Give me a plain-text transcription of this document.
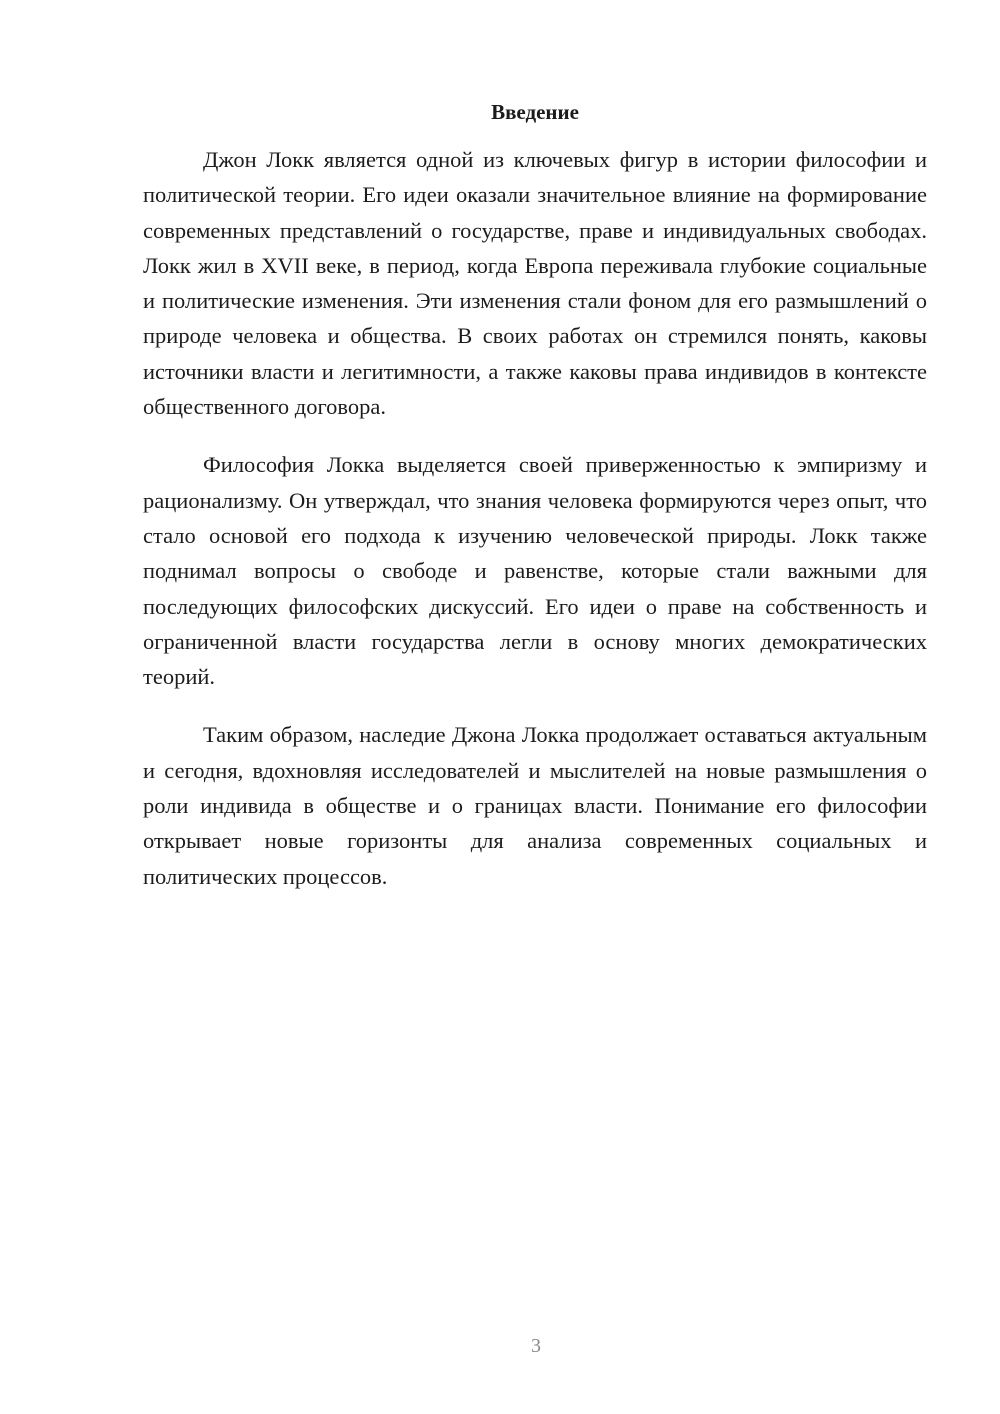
Введение

Джон Локк является одной из ключевых фигур в истории философии и политической теории. Его идеи оказали значительное влияние на формирование современных представлений о государстве, праве и индивидуальных свободах. Локк жил в XVII веке, в период, когда Европа переживала глубокие социальные и политические изменения. Эти изменения стали фоном для его размышлений о природе человека и общества. В своих работах он стремился понять, каковы источники власти и легитимности, а также каковы права индивидов в контексте общественного договора.

Философия Локка выделяется своей приверженностью к эмпиризму и рационализму. Он утверждал, что знания человека формируются через опыт, что стало основой его подхода к изучению человеческой природы. Локк также поднимал вопросы о свободе и равенстве, которые стали важными для последующих философских дискуссий. Его идеи о праве на собственность и ограниченной власти государства легли в основу многих демократических теорий.

Таким образом, наследие Джона Локка продолжает оставаться актуальным и сегодня, вдохновляя исследователей и мыслителей на новые размышления о роли индивида в обществе и о границах власти. Понимание его философии открывает новые горизонты для анализа современных социальных и политических процессов.

3
